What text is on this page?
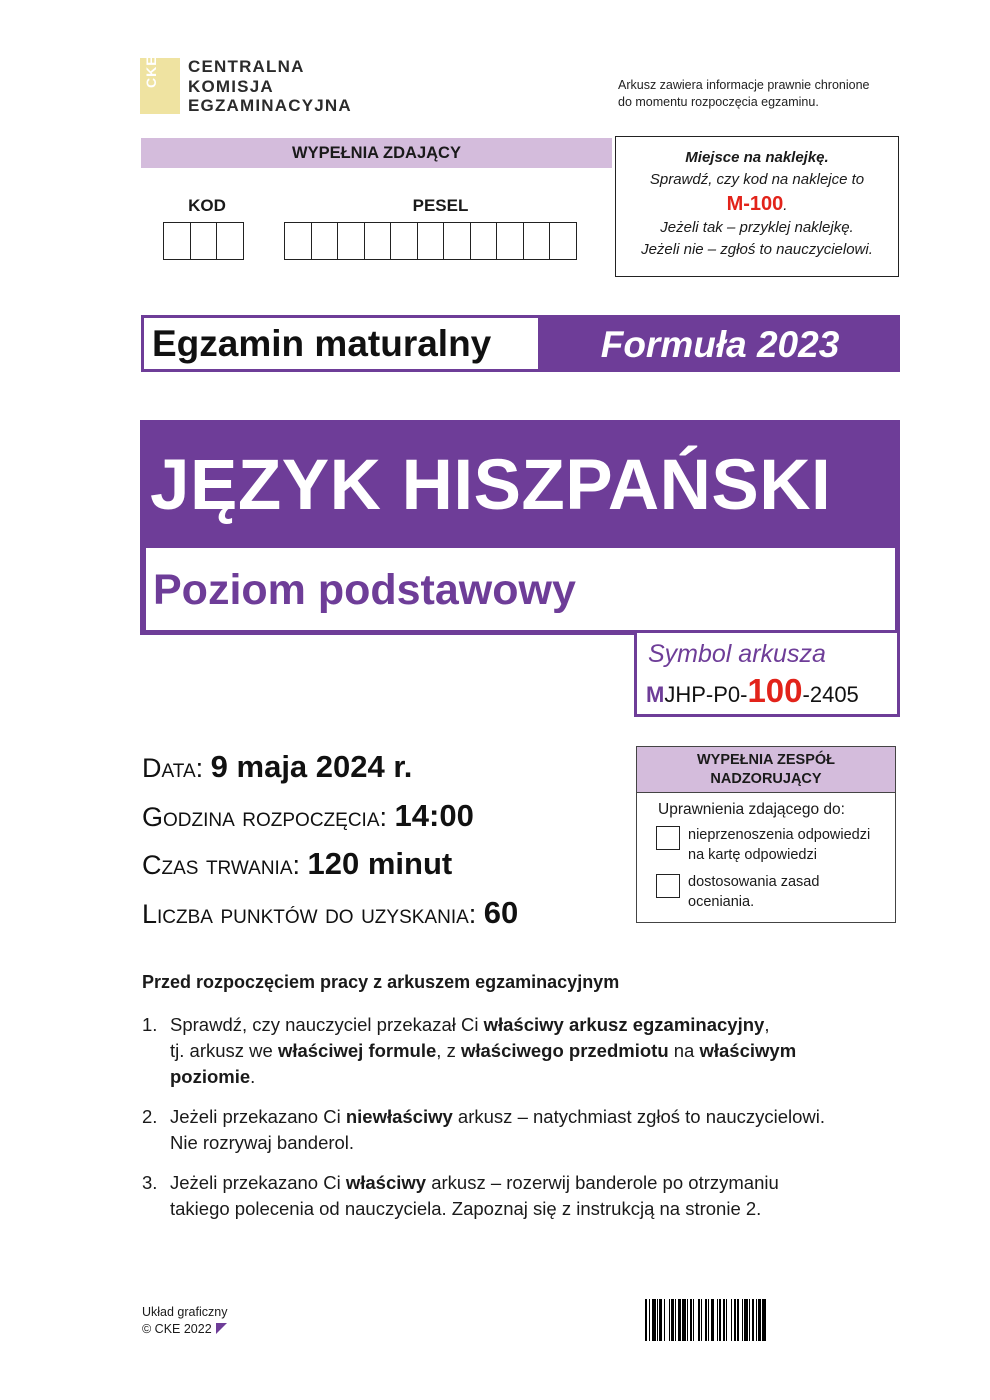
CKE CENTRALNA
KOMISJA
EGZAMINACYJNA
Arkusz zawiera informacje prawnie chronione
do momentu rozpoczęcia egzaminu.
WYPEŁNIA ZDAJĄCY
KOD	PESEL
Miejsce na naklejkę.
Sprawdź, czy kod na naklejce to
M-100.
Jeżeli tak – przyklej naklejkę.
Jeżeli nie – zgłoś to nauczycielowi.
Egzamin maturalny	Formuła 2023
JĘZYK HISZPAŃSKI
Poziom podstawowy
Symbol arkusza
MJHP-P0-100-2405
Data: 9 maja 2024 r.
Godzina rozpoczęcia: 14:00
Czas trwania: 120 minut
Liczba punktów do uzyskania: 60
WYPEŁNIA ZESPÓŁ
NADZORUJĄCY
Uprawnienia zdającego do:
nieprzenoszenia odpowiedzi
na kartę odpowiedzi
dostosowania zasad
oceniania.
Przed rozpoczęciem pracy z arkuszem egzaminacyjnym
1. Sprawdź, czy nauczyciel przekazał Ci właściwy arkusz egzaminacyjny,
tj. arkusz we właściwej formule, z właściwego przedmiotu na właściwym
poziomie.
2. Jeżeli przekazano Ci niewłaściwy arkusz – natychmiast zgłoś to nauczycielowi.
Nie rozrywaj banderol.
3. Jeżeli przekazano Ci właściwy arkusz – rozerwij banderole po otrzymaniu
takiego polecenia od nauczyciela. Zapoznaj się z instrukcją na stronie 2.
Układ graficzny
© CKE 2022
